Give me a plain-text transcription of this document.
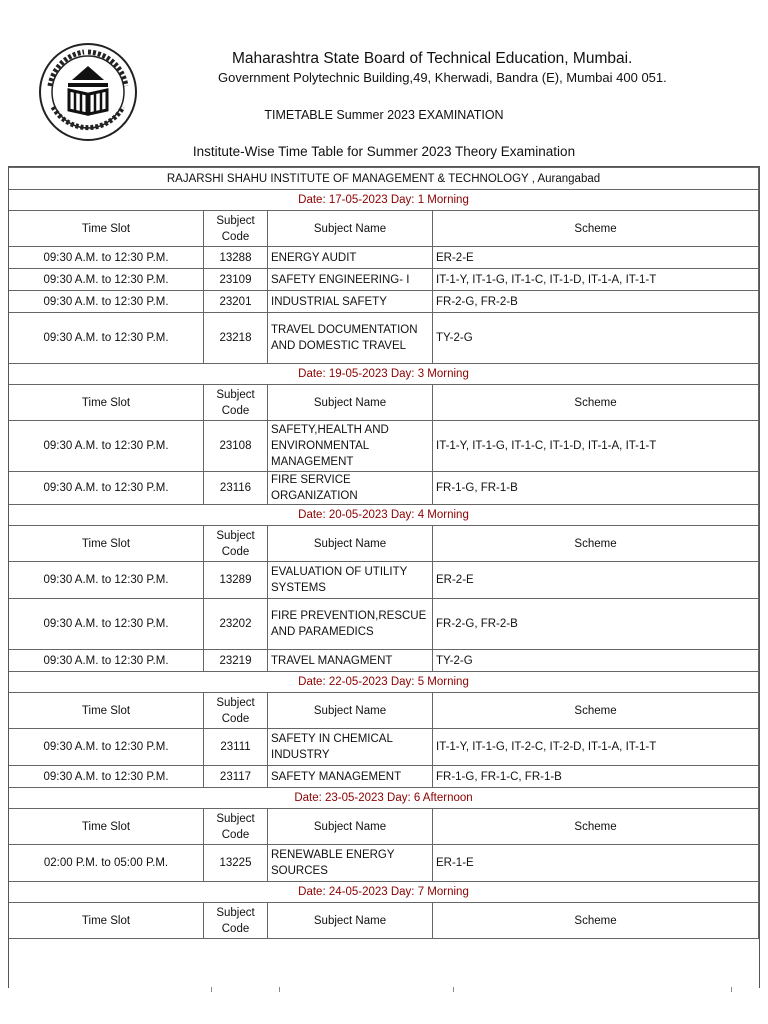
Maharashtra State Board of Technical Education, Mumbai.
Government Polytechnic Building,49, Kherwadi, Bandra (E), Mumbai 400 051.
TIMETABLE Summer 2023 EXAMINATION
Institute-Wise Time Table for Summer 2023 Theory Examination
RAJARSHI SHAHU INSTITUTE OF MANAGEMENT & TECHNOLOGY , Aurangabad			
Date: 17-05-2023 Day: 1 Morning			
Time Slot	Subject Code	Subject Name	Scheme
09:30 A.M. to 12:30 P.M.	13288	ENERGY AUDIT	ER-2-E
09:30 A.M. to 12:30 P.M.	23109	SAFETY ENGINEERING- I	IT-1-Y, IT-1-G, IT-1-C, IT-1-D, IT-1-A, IT-1-T
09:30 A.M. to 12:30 P.M.	23201	INDUSTRIAL SAFETY	FR-2-G, FR-2-B
09:30 A.M. to 12:30 P.M.	23218	TRAVEL DOCUMENTATION AND DOMESTIC TRAVEL	TY-2-G
Date: 19-05-2023 Day: 3 Morning			
Time Slot	Subject Code	Subject Name	Scheme
09:30 A.M. to 12:30 P.M.	23108	SAFETY,HEALTH AND ENVIRONMENTAL MANAGEMENT	IT-1-Y, IT-1-G, IT-1-C, IT-1-D, IT-1-A, IT-1-T
09:30 A.M. to 12:30 P.M.	23116	FIRE SERVICE ORGANIZATION	FR-1-G, FR-1-B
Date: 20-05-2023 Day: 4 Morning			
Time Slot	Subject Code	Subject Name	Scheme
09:30 A.M. to 12:30 P.M.	13289	EVALUATION OF UTILITY SYSTEMS	ER-2-E
09:30 A.M. to 12:30 P.M.	23202	FIRE PREVENTION,RESCUE AND PARAMEDICS	FR-2-G, FR-2-B
09:30 A.M. to 12:30 P.M.	23219	TRAVEL MANAGMENT	TY-2-G
Date: 22-05-2023 Day: 5 Morning			
Time Slot	Subject Code	Subject Name	Scheme
09:30 A.M. to 12:30 P.M.	23111	SAFETY IN CHEMICAL INDUSTRY	IT-1-Y, IT-1-G, IT-2-C, IT-2-D, IT-1-A, IT-1-T
09:30 A.M. to 12:30 P.M.	23117	SAFETY MANAGEMENT	FR-1-G, FR-1-C, FR-1-B
Date: 23-05-2023 Day: 6 Afternoon			
Time Slot	Subject Code	Subject Name	Scheme
02:00 P.M. to 05:00 P.M.	13225	RENEWABLE ENERGY SOURCES	ER-1-E
Date: 24-05-2023 Day: 7 Morning			
Time Slot	Subject Code	Subject Name	Scheme
